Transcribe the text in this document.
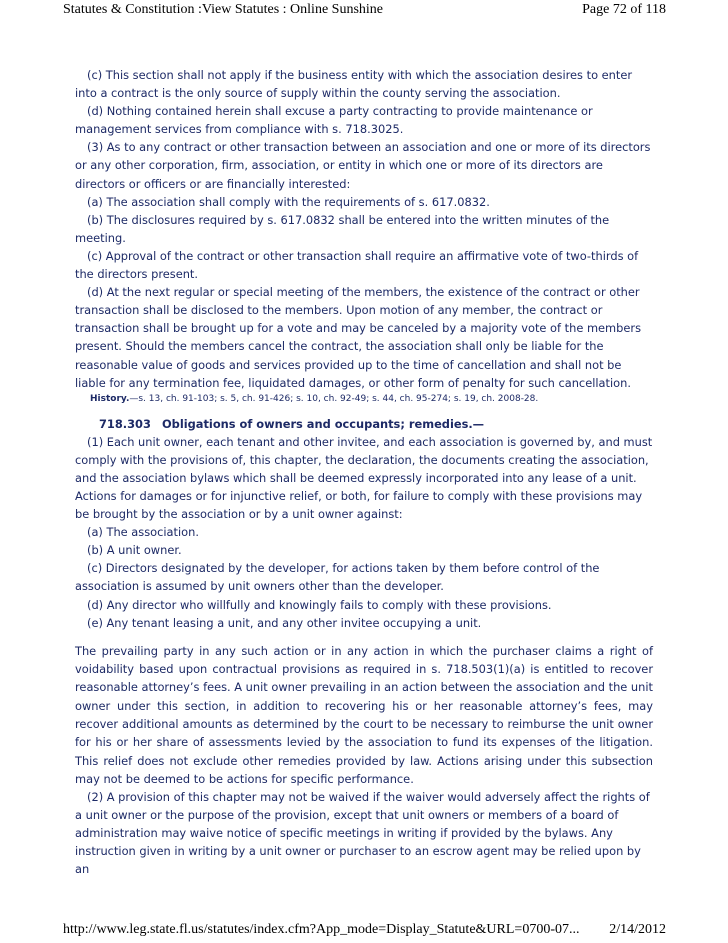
Statutes & Constitution :View Statutes : Online Sunshine	Page 72 of 118

(c) This section shall not apply if the business entity with which the association desires to enter into a contract is the only source of supply within the county serving the association.

(d) Nothing contained herein shall excuse a party contracting to provide maintenance or management services from compliance with s. 718.3025.

(3) As to any contract or other transaction between an association and one or more of its directors or any other corporation, firm, association, or entity in which one or more of its directors are directors or officers or are financially interested:

(a) The association shall comply with the requirements of s. 617.0832.

(b) The disclosures required by s. 617.0832 shall be entered into the written minutes of the meeting.

(c) Approval of the contract or other transaction shall require an affirmative vote of two-thirds of the directors present.

(d) At the next regular or special meeting of the members, the existence of the contract or other transaction shall be disclosed to the members. Upon motion of any member, the contract or transaction shall be brought up for a vote and may be canceled by a majority vote of the members present. Should the members cancel the contract, the association shall only be liable for the reasonable value of goods and services provided up to the time of cancellation and shall not be liable for any termination fee, liquidated damages, or other form of penalty for such cancellation.

History.—s. 13, ch. 91-103; s. 5, ch. 91-426; s. 10, ch. 92-49; s. 44, ch. 95-274; s. 19, ch. 2008-28.

718.303 Obligations of owners and occupants; remedies.—

(1) Each unit owner, each tenant and other invitee, and each association is governed by, and must comply with the provisions of, this chapter, the declaration, the documents creating the association, and the association bylaws which shall be deemed expressly incorporated into any lease of a unit. Actions for damages or for injunctive relief, or both, for failure to comply with these provisions may be brought by the association or by a unit owner against:

(a) The association.

(b) A unit owner.

(c) Directors designated by the developer, for actions taken by them before control of the association is assumed by unit owners other than the developer.

(d) Any director who willfully and knowingly fails to comply with these provisions.

(e) Any tenant leasing a unit, and any other invitee occupying a unit.

The prevailing party in any such action or in any action in which the purchaser claims a right of voidability based upon contractual provisions as required in s. 718.503(1)(a) is entitled to recover reasonable attorney’s fees. A unit owner prevailing in an action between the association and the unit owner under this section, in addition to recovering his or her reasonable attorney’s fees, may recover additional amounts as determined by the court to be necessary to reimburse the unit owner for his or her share of assessments levied by the association to fund its expenses of the litigation. This relief does not exclude other remedies provided by law. Actions arising under this subsection may not be deemed to be actions for specific performance.

(2) A provision of this chapter may not be waived if the waiver would adversely affect the rights of a unit owner or the purpose of the provision, except that unit owners or members of a board of administration may waive notice of specific meetings in writing if provided by the bylaws. Any instruction given in writing by a unit owner or purchaser to an escrow agent may be relied upon by an

http://www.leg.state.fl.us/statutes/index.cfm?App_mode=Display_Statute&URL=0700-07... 2/14/2012
